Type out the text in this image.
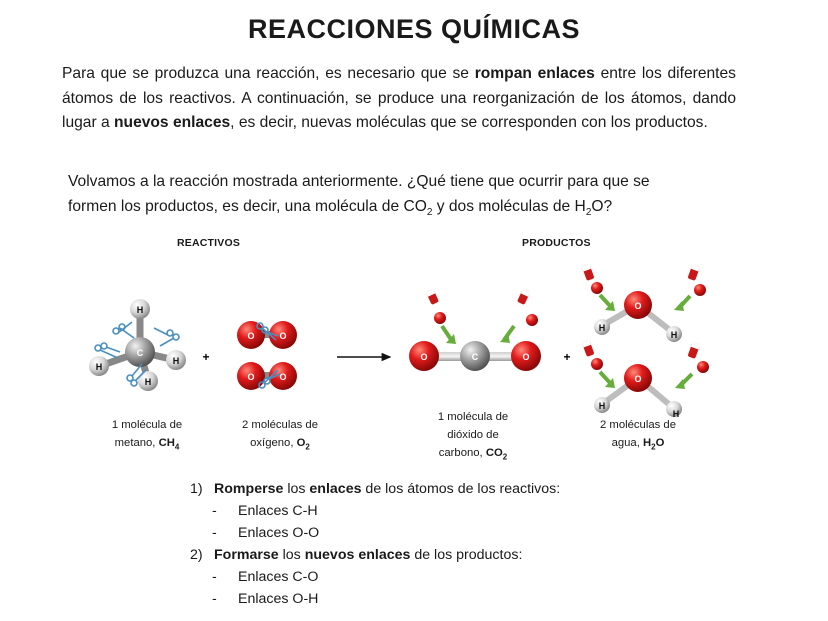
REACCIONES QUÍMICAS

Para que se produzca una reacción, es necesario que se rompan enlaces entre los diferentes átomos de los reactivos. A continuación, se produce una reorganización de los átomos, dando lugar a nuevos enlaces, es decir, nuevas moléculas que se corresponden con los productos.

Volvamos a la reacción mostrada anteriormente. ¿Qué tiene que ocurrir para que se
formen los productos, es decir, una molécula de $CO_2$ y dos moléculas de $H_2O$?
REACTIVOS	PRODUCTOS
C
H
H
H
H
+
O	O
O	O
O	C	O	+
O
H
H
O
H
H
1 molécula de
metano, $CH_4$
2 moléculas de
oxígeno, $O_2$
1 molécula de
dióxido de
carbono, $CO_2$
2 moléculas de
agua, $H_2O$
1) Romperse los enlaces de los átomos de los reactivos:
- Enlaces C-H
- Enlaces O-O
2) Formarse los nuevos enlaces de los productos:
- Enlaces C-O
- Enlaces O-H
